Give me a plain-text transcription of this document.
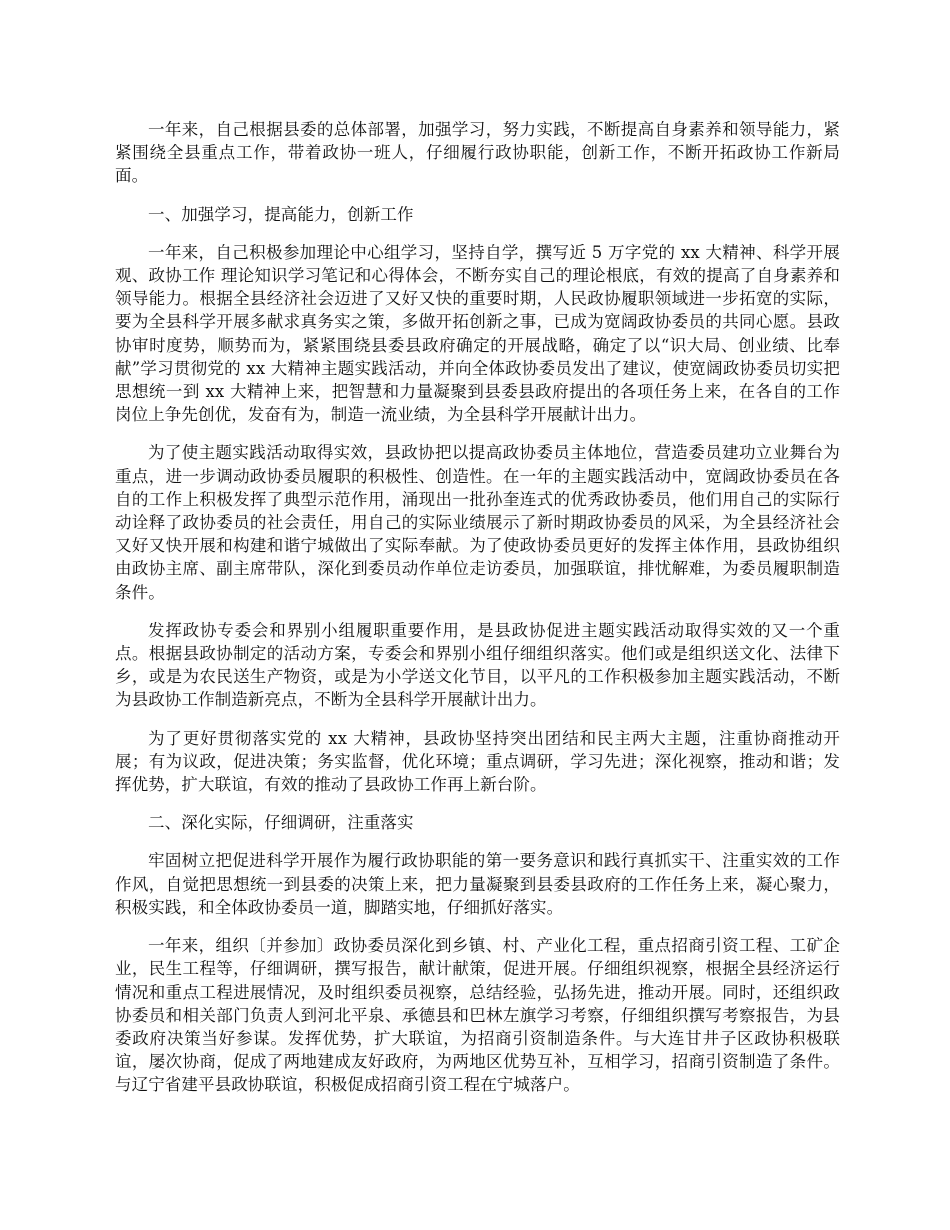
一年来，自己根据县委的总体部署，加强学习，努力实践，不断提高自身素养和领导能力，紧紧围绕全县重点工作，带着政协一班人，仔细履行政协职能，创新工作，不断开拓政协工作新局面。

一、加强学习，提高能力，创新工作

一年来，自己积极参加理论中心组学习，坚持自学，撰写近 5 万字党的 xx 大精神、科学开展观、政协工作 理论知识学习笔记和心得体会，不断夯实自己的理论根底，有效的提高了自身素养和领导能力。根据全县经济社会迈进了又好又快的重要时期，人民政协履职领域进一步拓宽的实际，要为全县科学开展多献求真务实之策，多做开拓创新之事，已成为宽阔政协委员的共同心愿。县政协审时度势，顺势而为，紧紧围绕县委县政府确定的开展战略，确定了以“识大局、创业绩、比奉献”学习贯彻党的 xx 大精神主题实践活动，并向全体政协委员发出了建议，使宽阔政协委员切实把思想统一到 xx 大精神上来，把智慧和力量凝聚到县委县政府提出的各项任务上来，在各自的工作岗位上争先创优，发奋有为，制造一流业绩，为全县科学开展献计出力。

为了使主题实践活动取得实效，县政协把以提高政协委员主体地位，营造委员建功立业舞台为重点，进一步调动政协委员履职的积极性、创造性。在一年的主题实践活动中，宽阔政协委员在各自的工作上积极发挥了典型示范作用，涌现出一批孙奎连式的优秀政协委员，他们用自己的实际行动诠释了政协委员的社会责任，用自己的实际业绩展示了新时期政协委员的风采，为全县经济社会又好又快开展和构建和谐宁城做出了实际奉献。为了使政协委员更好的发挥主体作用，县政协组织由政协主席、副主席带队，深化到委员动作单位走访委员，加强联谊，排忧解难，为委员履职制造条件。

发挥政协专委会和界别小组履职重要作用，是县政协促进主题实践活动取得实效的又一个重点。根据县政协制定的活动方案，专委会和界别小组仔细组织落实。他们或是组织送文化、法律下乡，或是为农民送生产物资，或是为小学送文化节目，以平凡的工作积极参加主题实践活动，不断为县政协工作制造新亮点，不断为全县科学开展献计出力。

为了更好贯彻落实党的 xx 大精神，县政协坚持突出团结和民主两大主题，注重协商推动开展；有为议政，促进决策；务实监督，优化环境；重点调研，学习先进；深化视察，推动和谐；发挥优势，扩大联谊，有效的推动了县政协工作再上新台阶。

二、深化实际，仔细调研，注重落实

牢固树立把促进科学开展作为履行政协职能的第一要务意识和践行真抓实干、注重实效的工作作风，自觉把思想统一到县委的决策上来，把力量凝聚到县委县政府的工作任务上来，凝心聚力，积极实践，和全体政协委员一道，脚踏实地，仔细抓好落实。

一年来，组织〔并参加〕政协委员深化到乡镇、村、产业化工程，重点招商引资工程、工矿企业，民生工程等，仔细调研，撰写报告，献计献策，促进开展。仔细组织视察，根据全县经济运行情况和重点工程进展情况，及时组织委员视察，总结经验，弘扬先进，推动开展。同时，还组织政协委员和相关部门负责人到河北平泉、承德县和巴林左旗学习考察，仔细组织撰写考察报告，为县委政府决策当好参谋。发挥优势，扩大联谊，为招商引资制造条件。与大连甘井子区政协积极联谊，屡次协商，促成了两地建成友好政府，为两地区优势互补，互相学习，招商引资制造了条件。与辽宁省建平县政协联谊，积极促成招商引资工程在宁城落户。
